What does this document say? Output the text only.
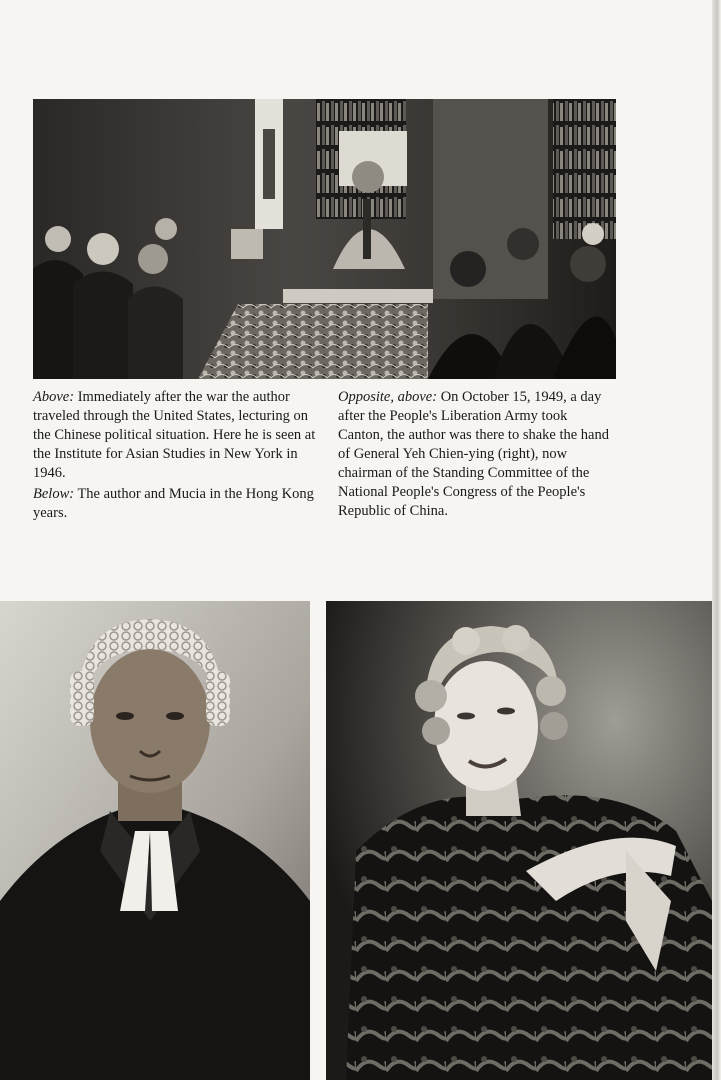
Above: Immediately after the war the author traveled through the United States, lecturing on the Chinese political situation. Here he is seen at the Institute for Asian Studies in New York in 1946.

Below: The author and Mucia in the Hong Kong years.

Opposite, above: On October 15, 1949, a day after the People's Liberation Army took Canton, the author was there to shake the hand of General Yeh Chien-ying (right), now chairman of the Standing Committee of the National People's Congress of the People's Republic of China.
